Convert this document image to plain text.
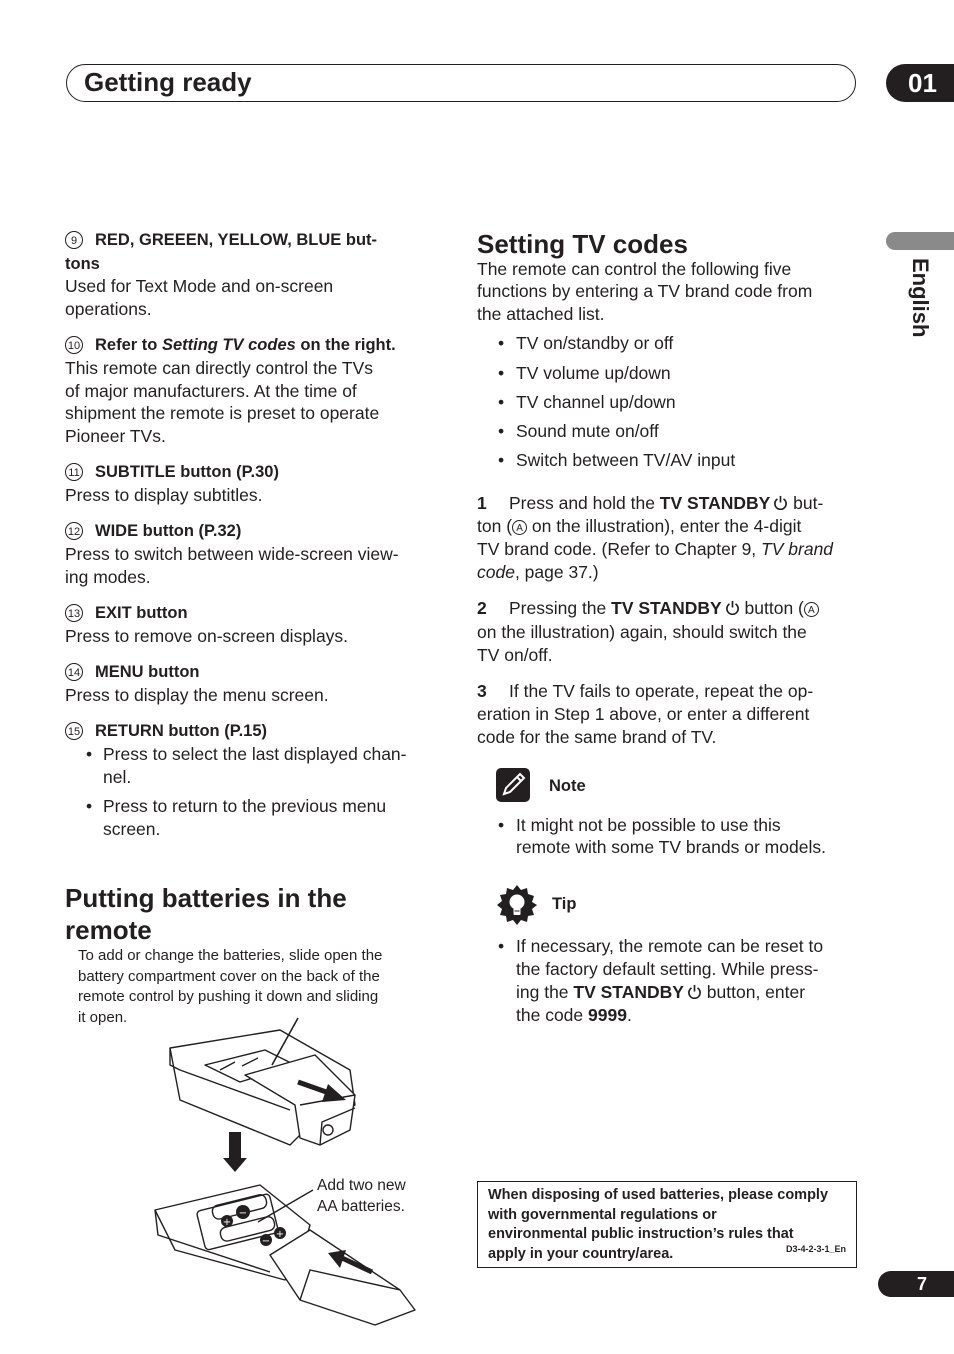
Getting ready	01
English
9 RED, GREEEN, YELLOW, BLUE but-
tons
Used for Text Mode and on-screen
operations.
10 Refer to Setting TV codes on the right.
This remote can directly control the TVs
of major manufacturers. At the time of
shipment the remote is preset to operate
Pioneer TVs.
11 SUBTITLE button (P.30)
Press to display subtitles.
12 WIDE button (P.32)
Press to switch between wide-screen view-
ing modes.
13 EXIT button
Press to remove on-screen displays.
14 MENU button
Press to display the menu screen.
15 RETURN button (P.15)
• Press to select the last displayed chan-
nel.
• Press to return to the previous menu
screen.
Putting batteries in the
remote
To add or change the batteries, slide open the
battery compartment cover on the back of the
remote control by pushing it down and sliding
it open.
−
+
−
+
Add two new
AA batteries.
Setting TV codes
The remote can control the following five
functions by entering a TV brand code from
the attached list.
• TV on/standby or off
• TV volume up/down
• TV channel up/down
• Sound mute on/off
• Switch between TV/AV input
1 Press and hold the TV STANDBY but-
ton ( A on the illustration), enter the 4-digit
TV brand code. (Refer to Chapter 9, TV brand
code, page 37.)
2 Pressing the TV STANDBY button ( A
on the illustration) again, should switch the
TV on/off.
3 If the TV fails to operate, repeat the op-
eration in Step 1 above, or enter a different
code for the same brand of TV.
Note
• It might not be possible to use this
remote with some TV brands or models.
Tip
• If necessary, the remote can be reset to
the factory default setting. While press-
ing the TV STANDBY button, enter
the code 9999.
When disposing of used batteries, please comply
with governmental regulations or
environmental public instruction’s rules that
apply in your country/area.	D3-4-2-3-1_En
7
